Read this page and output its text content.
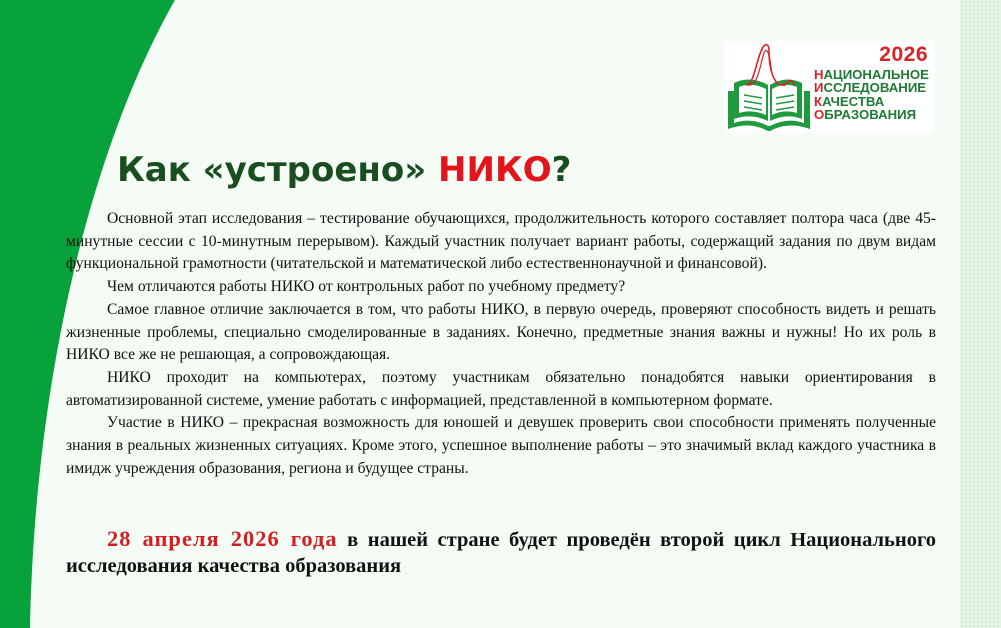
2026
НАЦИОНАЛЬНОЕ
ИССЛЕДОВАНИЕ
КАЧЕСТВА
ОБРАЗОВАНИЯ
Как «устроено» НИКО?

Основной этап исследования – тестирование обучающихся, продолжительность которого составляет полтора часа (две 45-минутные сессии с 10-минутным перерывом). Каждый участник получает вариант работы, содержащий задания по двум видам функциональной грамотности (читательской и математической либо естественнонаучной и финансовой).

Чем отличаются работы НИКО от контрольных работ по учебному предмету?

Самое главное отличие заключается в том, что работы НИКО, в первую очередь, проверяют способность видеть и решать жизненные проблемы, специально смоделированные в заданиях. Конечно, предметные знания важны и нужны! Но их роль в НИКО все же не решающая, а сопровождающая.

НИКО проходит на компьютерах, поэтому участникам обязательно понадобятся навыки ориентирования в автоматизированной системе, умение работать с информацией, представленной в компьютерном формате.

Участие в НИКО – прекрасная возможность для юношей и девушек проверить свои способности применять полученные знания в реальных жизненных ситуациях. Кроме этого, успешное выполнение работы – это значимый вклад каждого участника в имидж учреждения образования, региона и будущее страны.

28 апреля 2026 года в нашей стране будет проведён второй цикл Национального исследования качества образования
